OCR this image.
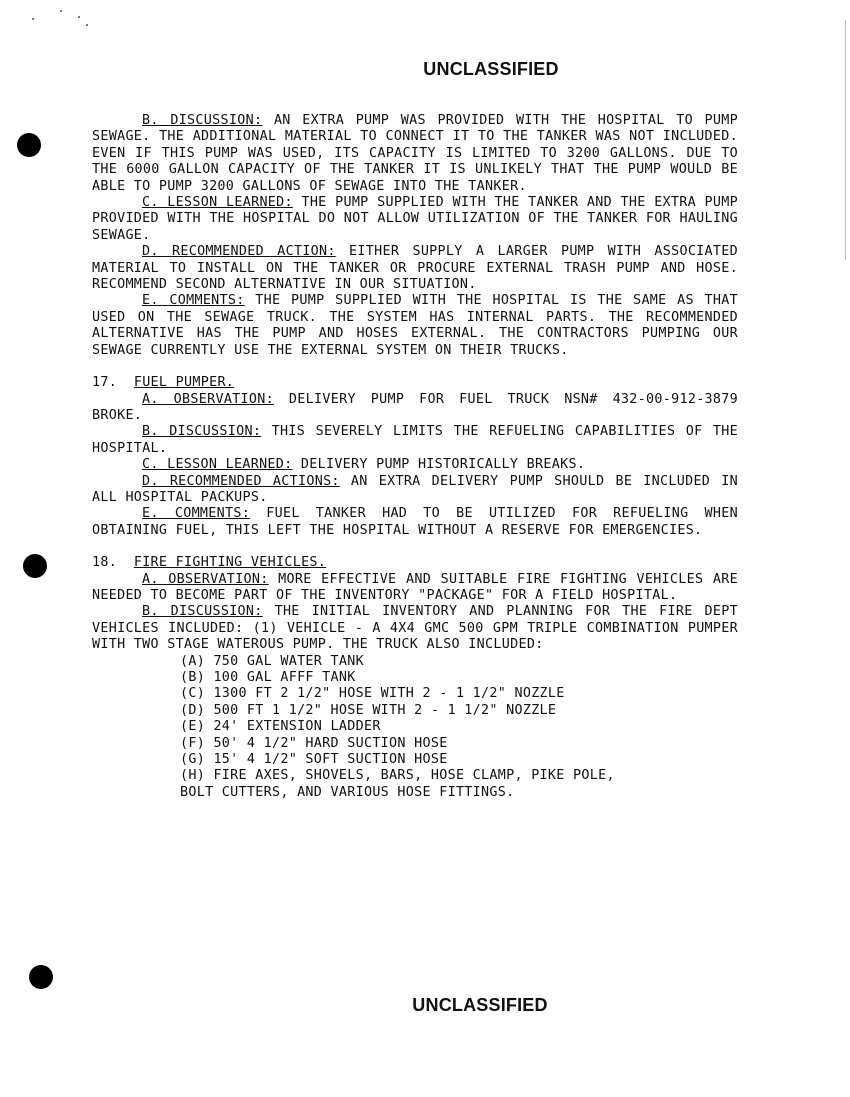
UNCLASSIFIED

B. DISCUSSION: AN EXTRA PUMP WAS PROVIDED WITH THE HOSPITAL TO PUMP SEWAGE. THE ADDITIONAL MATERIAL TO CONNECT IT TO THE TANKER WAS NOT INCLUDED. EVEN IF THIS PUMP WAS USED, ITS CAPACITY IS LIMITED TO 3200 GALLONS. DUE TO THE 6000 GALLON CAPACITY OF THE TANKER IT IS UNLIKELY THAT THE PUMP WOULD BE ABLE TO PUMP 3200 GALLONS OF SEWAGE INTO THE TANKER.

C. LESSON LEARNED: THE PUMP SUPPLIED WITH THE TANKER AND THE EXTRA PUMP PROVIDED WITH THE HOSPITAL DO NOT ALLOW UTILIZATION OF THE TANKER FOR HAULING SEWAGE.

D. RECOMMENDED ACTION: EITHER SUPPLY A LARGER PUMP WITH ASSOCIATED MATERIAL TO INSTALL ON THE TANKER OR PROCURE EXTERNAL TRASH PUMP AND HOSE. RECOMMEND SECOND ALTERNATIVE IN OUR SITUATION.

E. COMMENTS: THE PUMP SUPPLIED WITH THE HOSPITAL IS THE SAME AS THAT USED ON THE SEWAGE TRUCK. THE SYSTEM HAS INTERNAL PARTS. THE RECOMMENDED ALTERNATIVE HAS THE PUMP AND HOSES EXTERNAL. THE CONTRACTORS PUMPING OUR SEWAGE CURRENTLY USE THE EXTERNAL SYSTEM ON THEIR TRUCKS.

17. FUEL PUMPER.

A. OBSERVATION: DELIVERY PUMP FOR FUEL TRUCK NSN# 432-00-912-3879 BROKE.

B. DISCUSSION: THIS SEVERELY LIMITS THE REFUELING CAPABILITIES OF THE HOSPITAL.

C. LESSON LEARNED: DELIVERY PUMP HISTORICALLY BREAKS.

D. RECOMMENDED ACTIONS: AN EXTRA DELIVERY PUMP SHOULD BE INCLUDED IN ALL HOSPITAL PACKUPS.

E. COMMENTS: FUEL TANKER HAD TO BE UTILIZED FOR REFUELING WHEN OBTAINING FUEL, THIS LEFT THE HOSPITAL WITHOUT A RESERVE FOR EMERGENCIES.

18. FIRE FIGHTING VEHICLES.

A. OBSERVATION: MORE EFFECTIVE AND SUITABLE FIRE FIGHTING VEHICLES ARE NEEDED TO BECOME PART OF THE INVENTORY "PACKAGE" FOR A FIELD HOSPITAL.

B. DISCUSSION: THE INITIAL INVENTORY AND PLANNING FOR THE FIRE DEPT VEHICLES INCLUDED: (1) VEHICLE - A 4X4 GMC 500 GPM TRIPLE COMBINATION PUMPER WITH TWO STAGE WATEROUS PUMP. THE TRUCK ALSO INCLUDED:

(A) 750 GAL WATER TANK
(B) 100 GAL AFFF TANK
(C) 1300 FT 2 1/2" HOSE WITH 2 - 1 1/2" NOZZLE
(D) 500 FT 1 1/2" HOSE WITH 2 - 1 1/2" NOZZLE
(E) 24' EXTENSION LADDER
(F) 50' 4 1/2" HARD SUCTION HOSE
(G) 15' 4 1/2" SOFT SUCTION HOSE
(H) FIRE AXES, SHOVELS, BARS, HOSE CLAMP, PIKE POLE,
BOLT CUTTERS, AND VARIOUS HOSE FITTINGS.
UNCLASSIFIED
